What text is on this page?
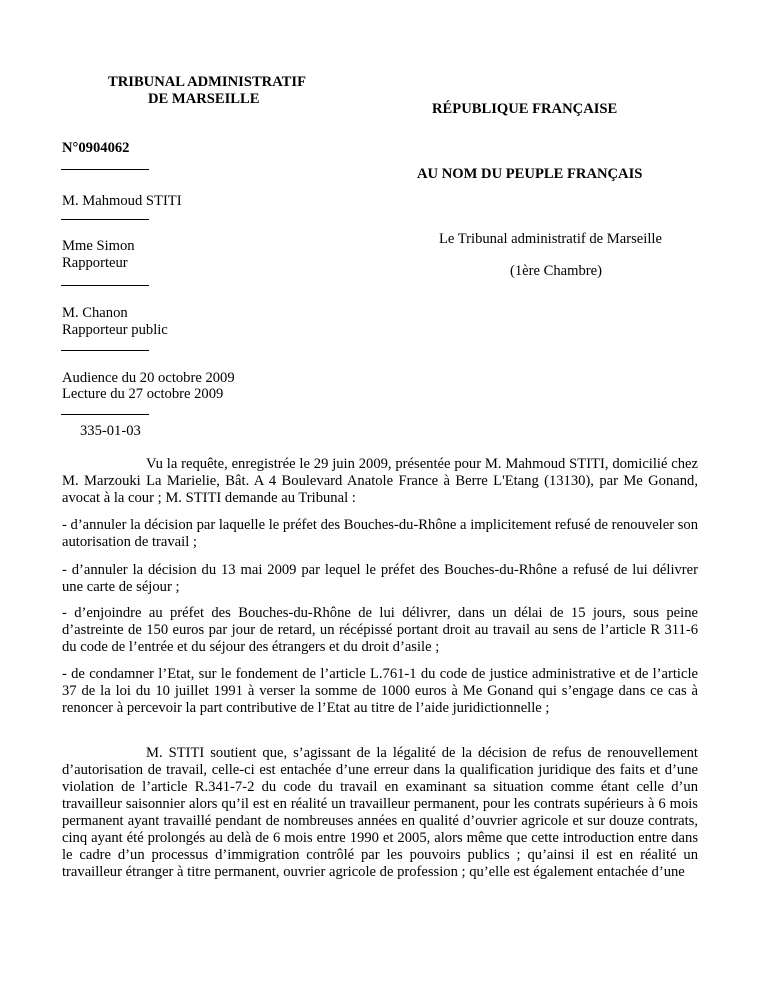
TRIBUNAL ADMINISTRATIF
DE MARSEILLE
RÉPUBLIQUE FRANÇAISE
N°0904062
AU NOM DU PEUPLE FRANÇAIS
M. Mahmoud STITI
Mme Simon
Rapporteur
Le Tribunal administratif de Marseille
(1ère Chambre)
M. Chanon
Rapporteur public
Audience du 20 octobre 2009
Lecture du 27 octobre 2009
335-01-03
Vu la requête, enregistrée le 29 juin 2009, présentée pour M. Mahmoud STITI, domicilié chez M. Marzouki La Marielie, Bât. A 4 Boulevard Anatole France à Berre L'Etang (13130), par Me Gonand, avocat à la cour ; M. STITI demande au Tribunal :
- d’annuler la décision par laquelle le préfet des Bouches-du-Rhône a implicitement refusé de renouveler son autorisation de travail ;
- d’annuler la décision du 13 mai 2009 par lequel le préfet des Bouches-du-Rhône a refusé de lui délivrer une carte de séjour ;
- d’enjoindre au préfet des Bouches-du-Rhône de lui délivrer, dans un délai de 15 jours, sous peine d’astreinte de 150 euros par jour de retard, un récépissé portant droit au travail au sens de l’article R 311-6 du code de l’entrée et du séjour des étrangers et du droit d’asile ;
- de condamner l’Etat, sur le fondement de l’article L.761-1 du code de justice administrative et de l’article 37 de la loi du 10 juillet 1991 à verser la somme de 1000 euros à Me Gonand qui s’engage dans ce cas à renoncer à percevoir la part contributive de l’Etat au titre de l’aide juridictionnelle ;
M. STITI soutient que, s’agissant de la légalité de la décision de refus de renouvellement d’autorisation de travail, celle-ci est entachée d’une erreur dans la qualification juridique des faits et d’une violation de l’article R.341-7-2 du code du travail en examinant sa situation comme étant celle d’un travailleur saisonnier alors qu’il est en réalité un travailleur permanent, pour les contrats supérieurs à 6 mois permanent ayant travaillé pendant de nombreuses années en qualité d’ouvrier agricole et sur douze contrats, cinq ayant été prolongés au delà de 6 mois entre 1990 et 2005, alors même que cette introduction entre dans le cadre d’un processus d’immigration contrôlé par les pouvoirs publics ; qu’ainsi il est en réalité un travailleur étranger à titre permanent, ouvrier agricole de profession ; qu’elle est également entachée d’une
